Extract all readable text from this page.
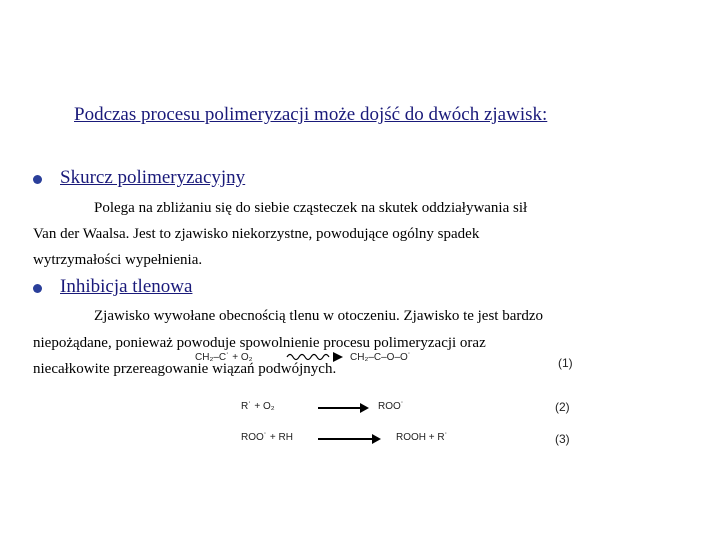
Podczas procesu polimeryzacji może dojść do dwóch zjawisk:
Skurcz polimeryzacyjny
Polega na zbliżaniu się do siebie cząsteczek na skutek oddziaływania sił
Van der Waalsa. Jest to zjawisko niekorzystne, powodujące ogólny spadek
wytrzymałości wypełnienia.
Inhibicja tlenowa
Zjawisko wywołane obecnością tlenu w otoczeniu. Zjawisko te jest bardzo
niepożądane, ponieważ powoduje spowolnienie procesu polimeryzacji oraz
niecałkowite przereagowanie wiązań podwójnych.
CH₂–C˙ + O₂	CH₂–C–O–O˙	(1)
R˙ + O₂	ROO˙	(2)
ROO˙ + RH	ROOH + R˙	(3)
